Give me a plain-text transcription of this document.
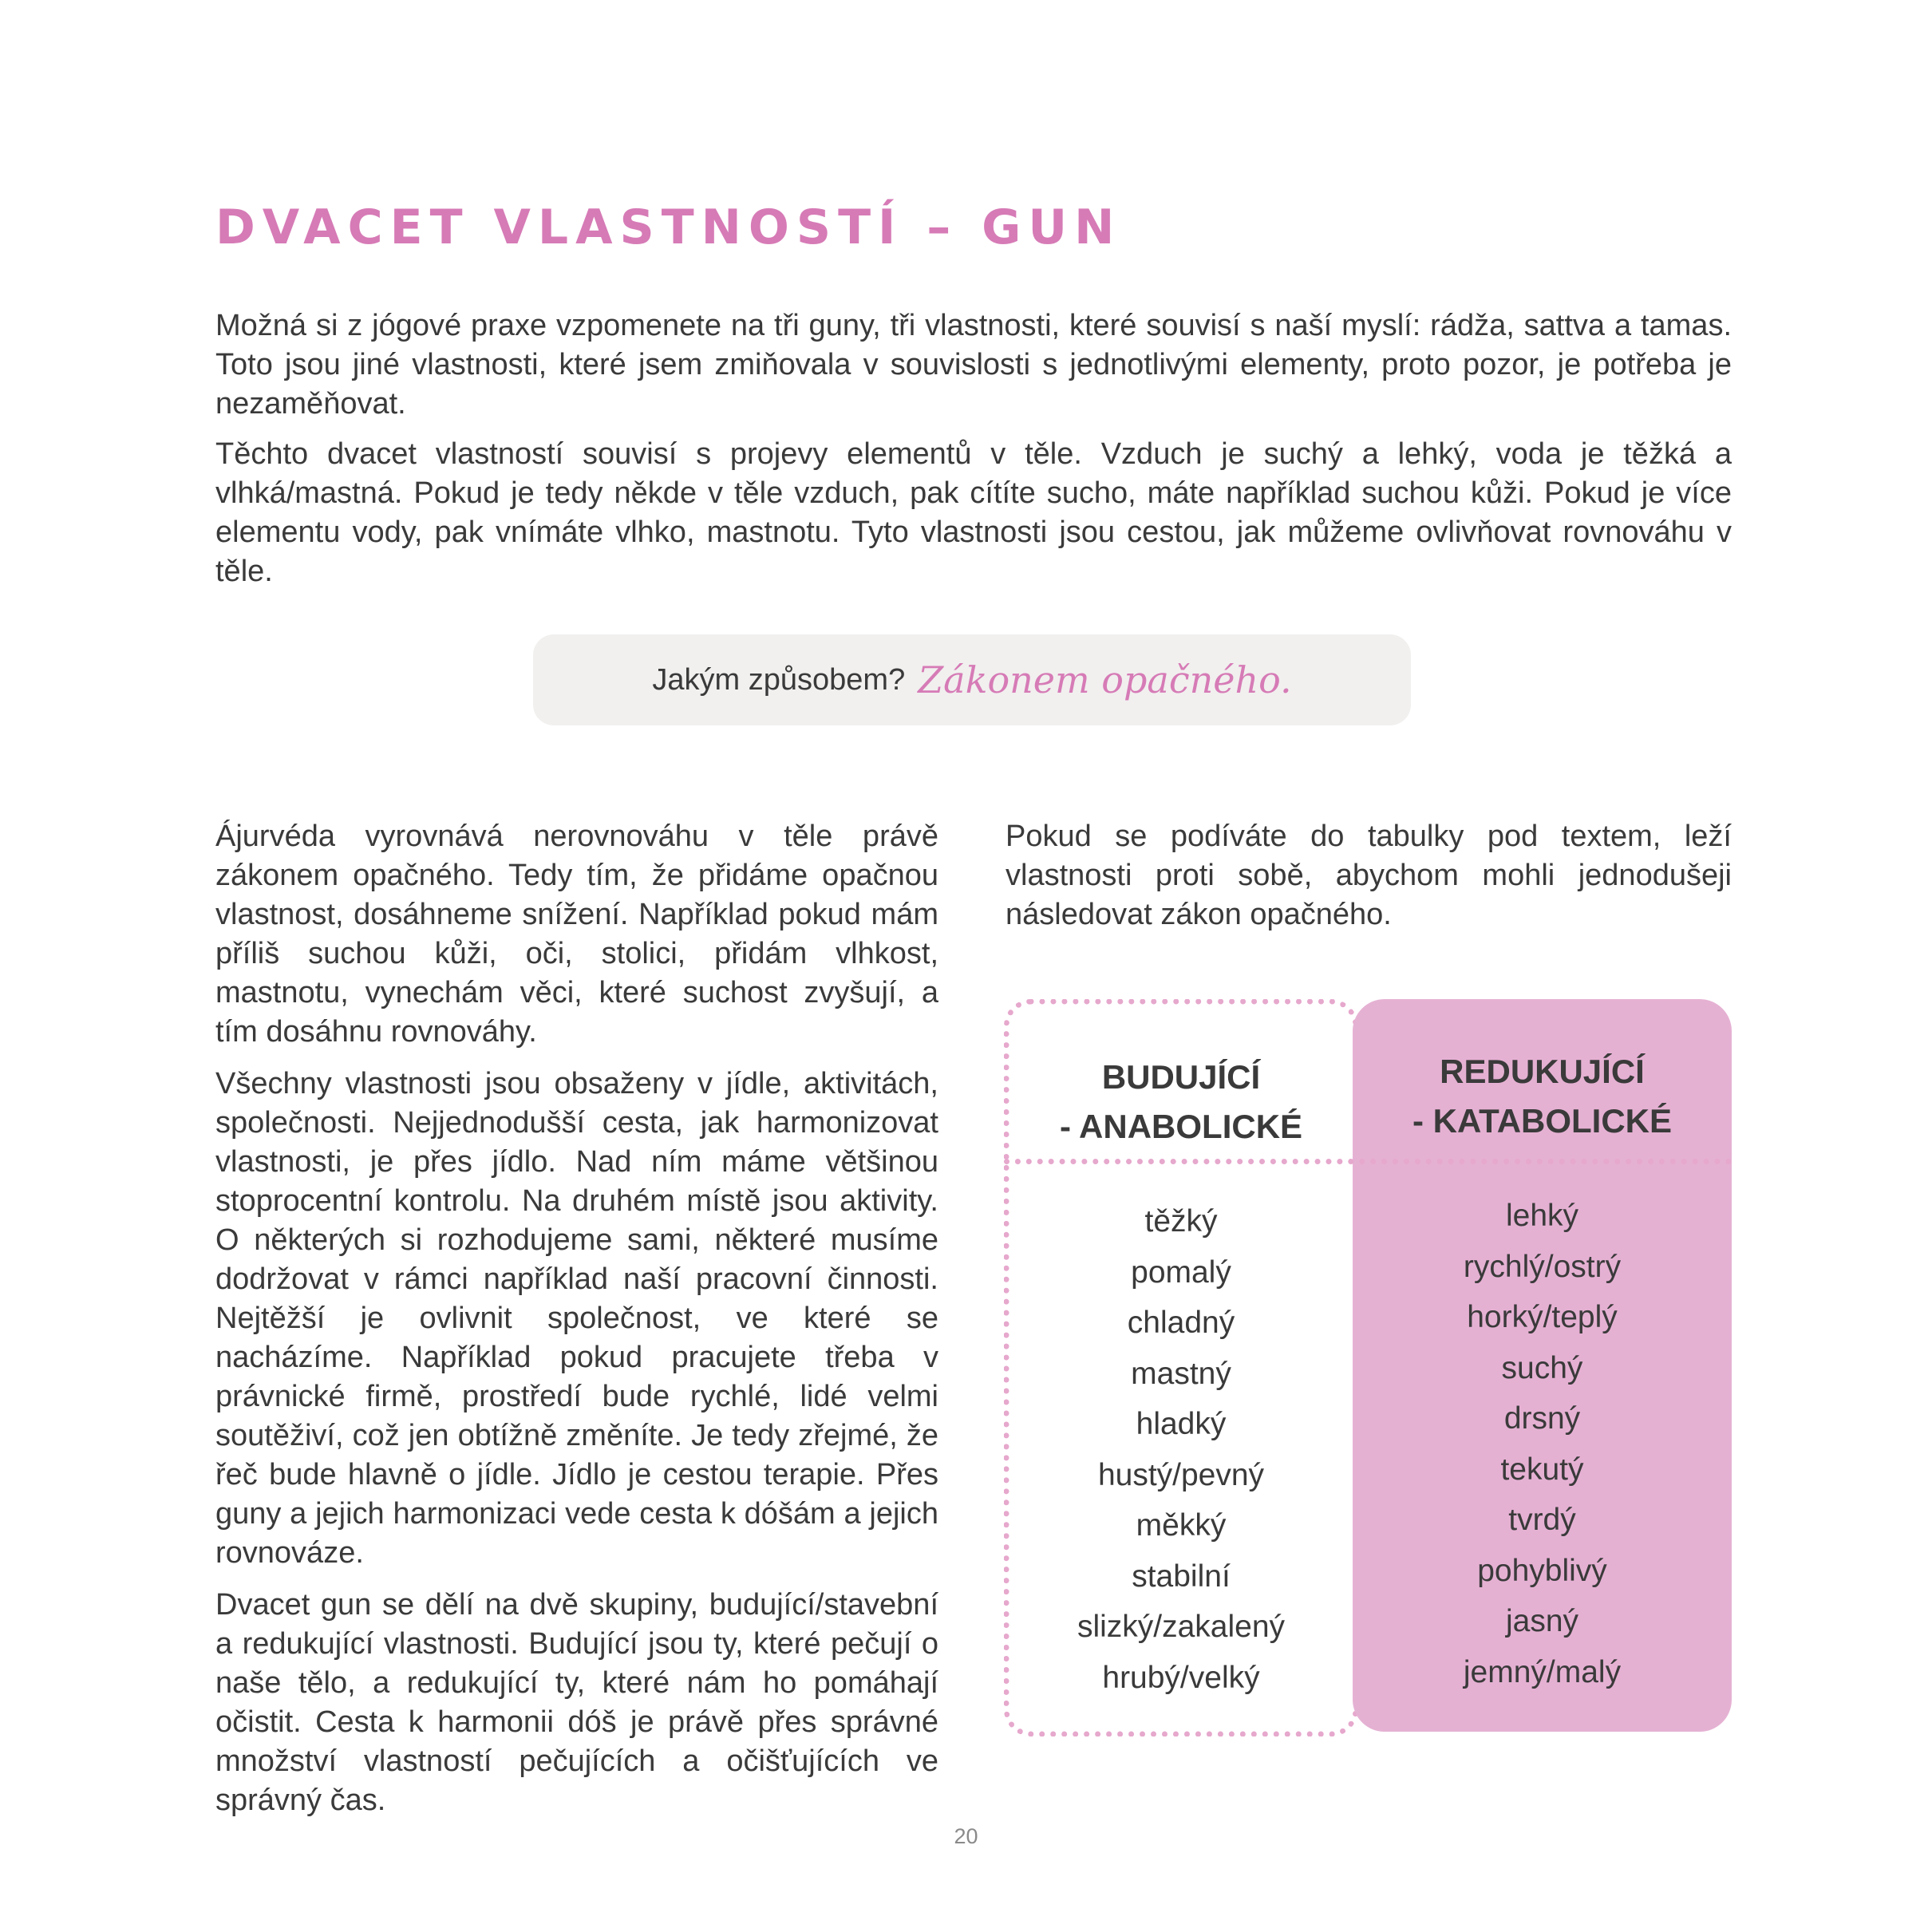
DVACET VLASTNOSTÍ – GUN

Možná si z jógové praxe vzpomenete na tři guny, tři vlastnosti, které souvisí s naší myslí: rádža, sattva a tamas. Toto jsou jiné vlastnosti, které jsem zmiňovala v souvislosti s jednotlivými elementy, proto pozor, je potřeba je nezaměňovat.

Těchto dvacet vlastností souvisí s projevy elementů v těle. Vzduch je suchý a lehký, voda je těžká a vlhká/mastná. Pokud je tedy někde v těle vzduch, pak cítíte sucho, máte například suchou kůži. Pokud je více elementu vody, pak vnímáte vlhko, mastnotu. Tyto vlastnosti jsou cestou, jak můžeme ovlivňovat rovnováhu v těle.

Jakým způsobem? Zákonem opačného.

Ájurvéda vyrovnává nerovnováhu v těle právě zákonem opačného. Tedy tím, že přidáme opačnou vlastnost, dosáhneme snížení. Například pokud mám příliš suchou kůži, oči, stolici, přidám vlhkost, mastnotu, vynechám věci, které suchost zvyšují, a tím dosáhnu rovnováhy.

Všechny vlastnosti jsou obsaženy v jídle, aktivitách, společnosti. Nejjednodušší cesta, jak harmonizovat vlastnosti, je přes jídlo. Nad ním máme většinou stoprocentní kontrolu. Na druhém místě jsou aktivity. O některých si rozhodujeme sami, některé musíme dodržovat v rámci například naší pracovní činnosti. Nejtěžší je ovlivnit společnost, ve které se nacházíme. Například pokud pracujete třeba v právnické firmě, prostředí bude rychlé, lidé velmi soutěživí, což jen obtížně změníte. Je tedy zřejmé, že řeč bude hlavně o jídle. Jídlo je cestou terapie. Přes guny a jejich harmonizaci vede cesta k dóšám a jejich rovnováze.

Dvacet gun se dělí na dvě skupiny, budující/stavební a redukující vlastnosti. Budující jsou ty, které pečují o naše tělo, a redukující ty, které nám ho pomáhají očistit. Cesta k harmonii dóš je právě přes správné množství vlastností pečujících a očišťujících ve správný čas.

Pokud se podíváte do tabulky pod textem, leží vlastnosti proti sobě, abychom mohli jednodušeji následovat zákon opačného.

BUDUJÍCÍ
- ANABOLICKÉ
těžký
pomalý
chladný
mastný
hladký
hustý/pevný
měkký
stabilní
slizký/zakalený
hrubý/velký
REDUKUJÍCÍ
- KATABOLICKÉ
lehký
rychlý/ostrý
horký/teplý
suchý
drsný
tekutý
tvrdý
pohyblivý
jasný
jemný/malý
20
